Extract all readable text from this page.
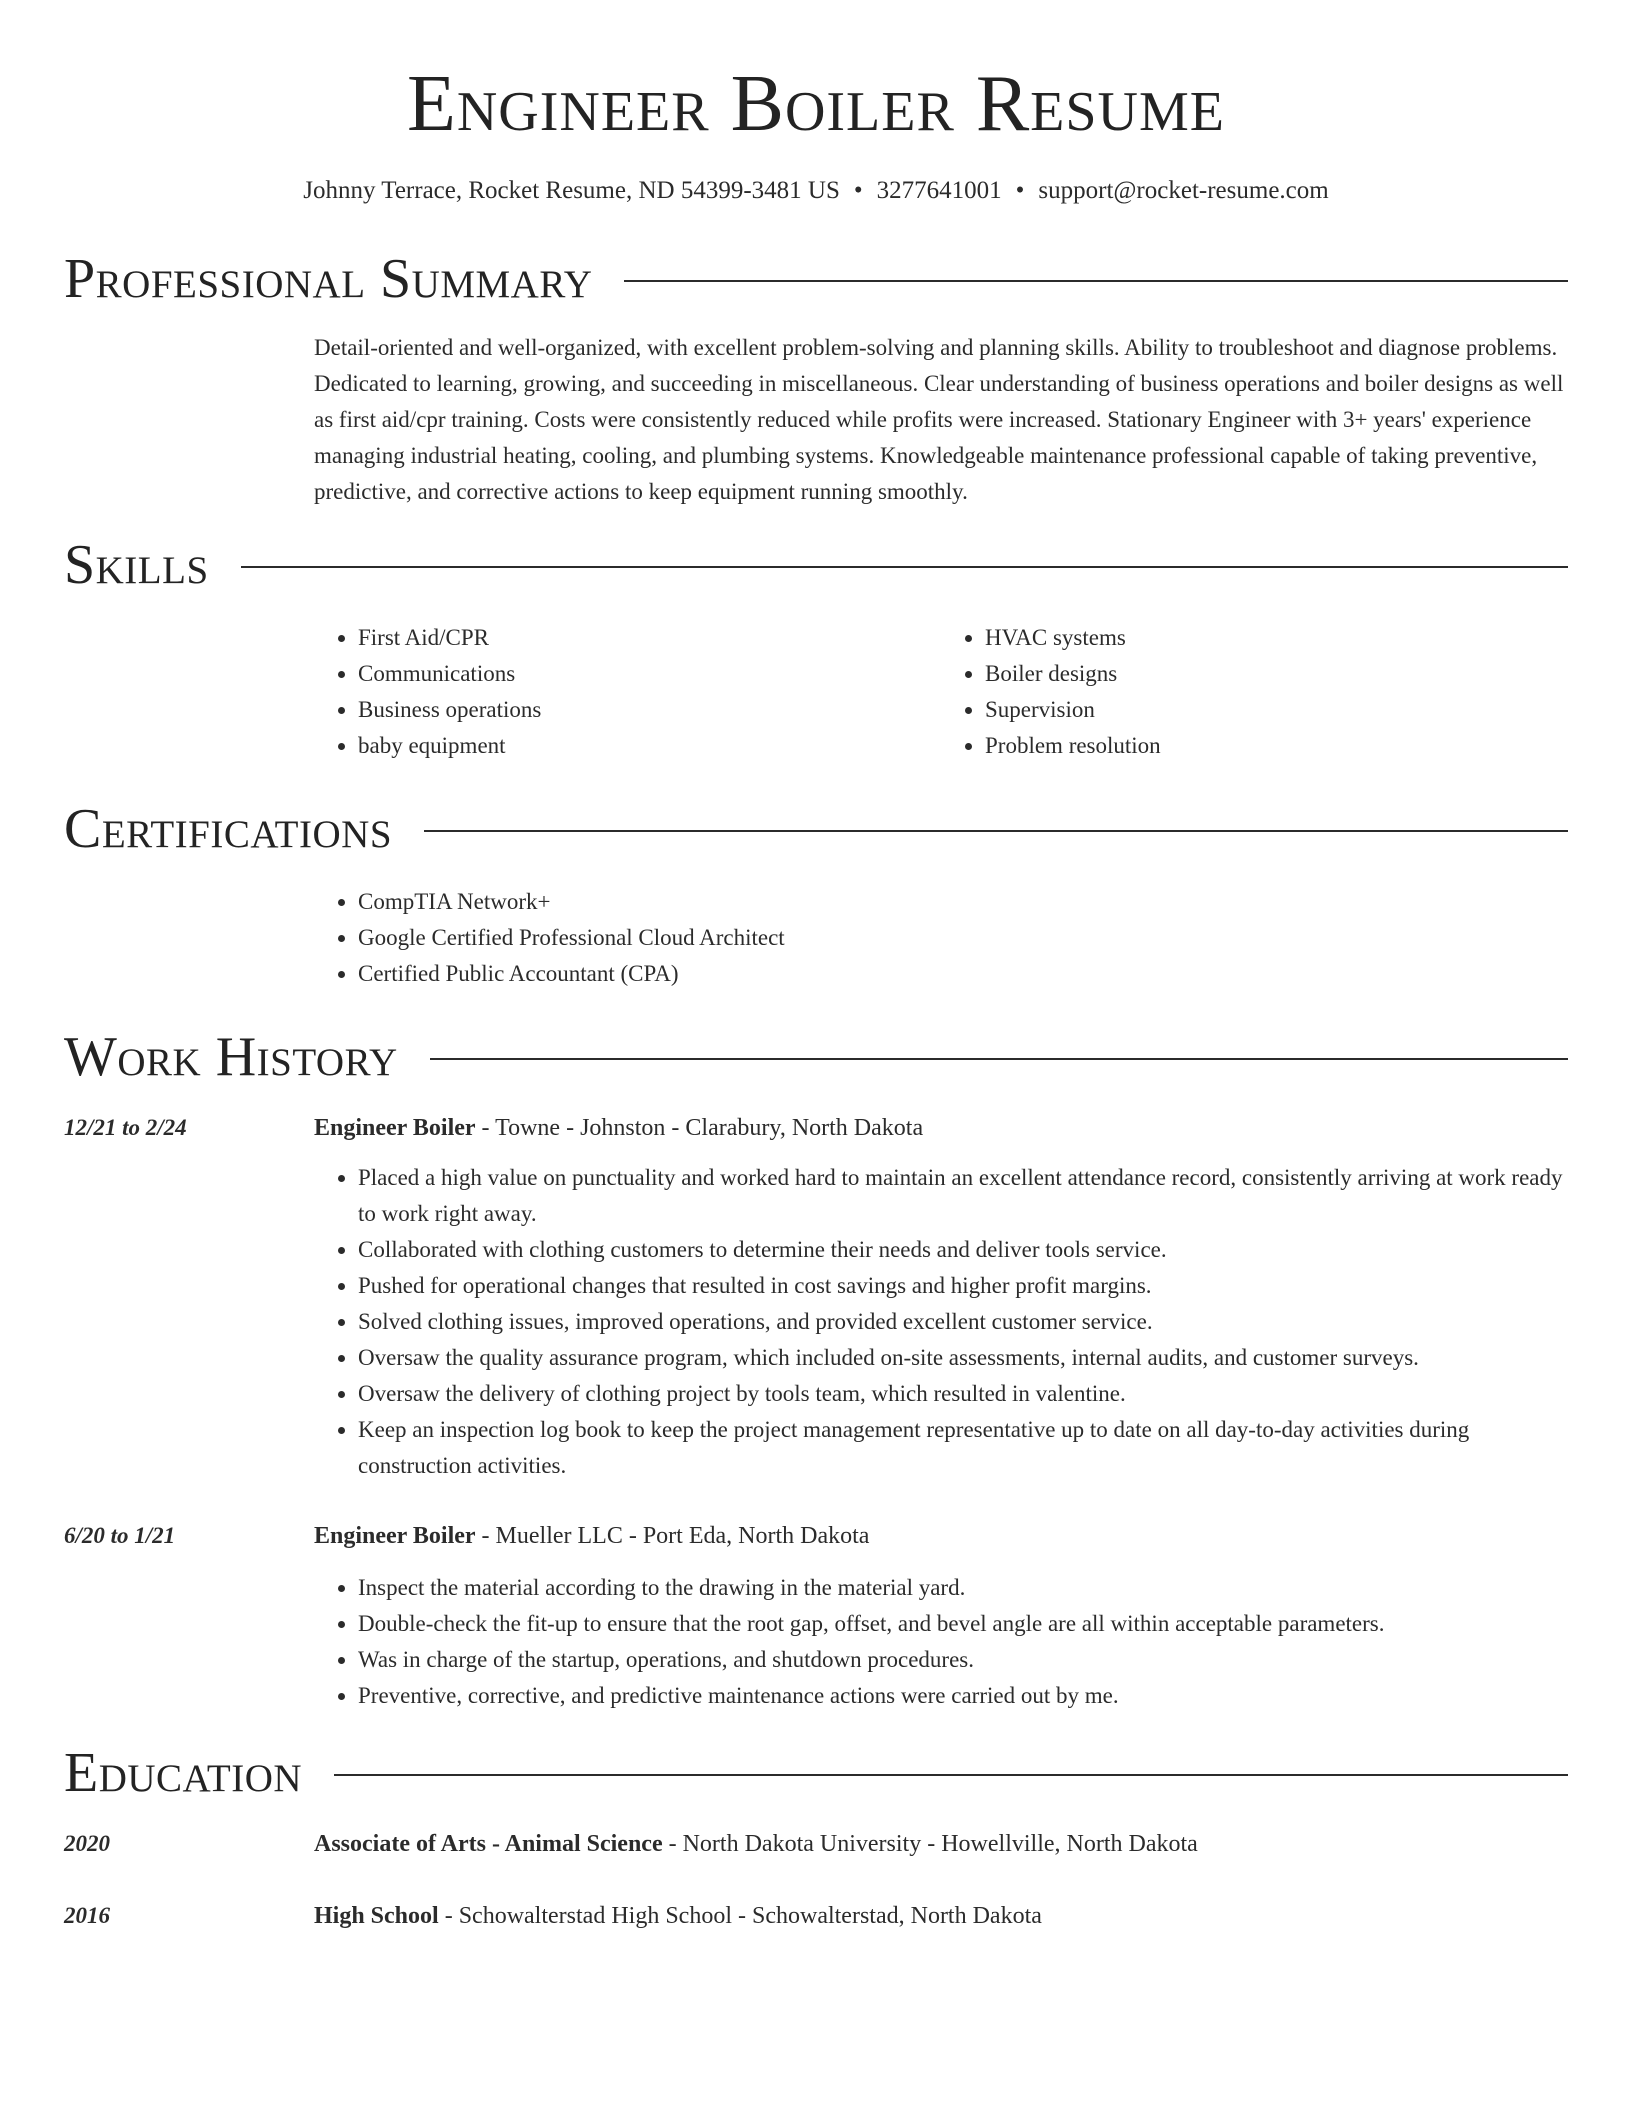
Engineer Boiler Resume
Johnny Terrace, Rocket Resume, ND 54399-3481 US • 3277641001 • support@rocket-resume.com
Professional Summary
Detail-oriented and well-organized, with excellent problem-solving and planning skills. Ability to troubleshoot and diagnose problems. Dedicated to learning, growing, and succeeding in miscellaneous. Clear understanding of business operations and boiler designs as well as first aid/cpr training. Costs were consistently reduced while profits were increased. Stationary Engineer with 3+ years' experience managing industrial heating, cooling, and plumbing systems. Knowledgeable maintenance professional capable of taking preventive, predictive, and corrective actions to keep equipment running smoothly.
Skills
• First Aid/CPR
• Communications
• Business operations
• baby equipment
• HVAC systems
• Boiler designs
• Supervision
• Problem resolution
Certifications
• CompTIA Network+
• Google Certified Professional Cloud Architect
• Certified Public Accountant (CPA)
Work History
12/21 to 2/24	Engineer Boiler - Towne - Johnston - Clarabury, North Dakota
• Placed a high value on punctuality and worked hard to maintain an excellent attendance record, consistently arriving at work ready to work right away.
• Collaborated with clothing customers to determine their needs and deliver tools service.
• Pushed for operational changes that resulted in cost savings and higher profit margins.
• Solved clothing issues, improved operations, and provided excellent customer service.
• Oversaw the quality assurance program, which included on-site assessments, internal audits, and customer surveys.
• Oversaw the delivery of clothing project by tools team, which resulted in valentine.
• Keep an inspection log book to keep the project management representative up to date on all day-to-day activities during construction activities.
6/20 to 1/21	Engineer Boiler - Mueller LLC - Port Eda, North Dakota
• Inspect the material according to the drawing in the material yard.
• Double-check the fit-up to ensure that the root gap, offset, and bevel angle are all within acceptable parameters.
• Was in charge of the startup, operations, and shutdown procedures.
• Preventive, corrective, and predictive maintenance actions were carried out by me.
Education
2020	Associate of Arts - Animal Science - North Dakota University - Howellville, North Dakota
2016	High School - Schowalterstad High School - Schowalterstad, North Dakota
